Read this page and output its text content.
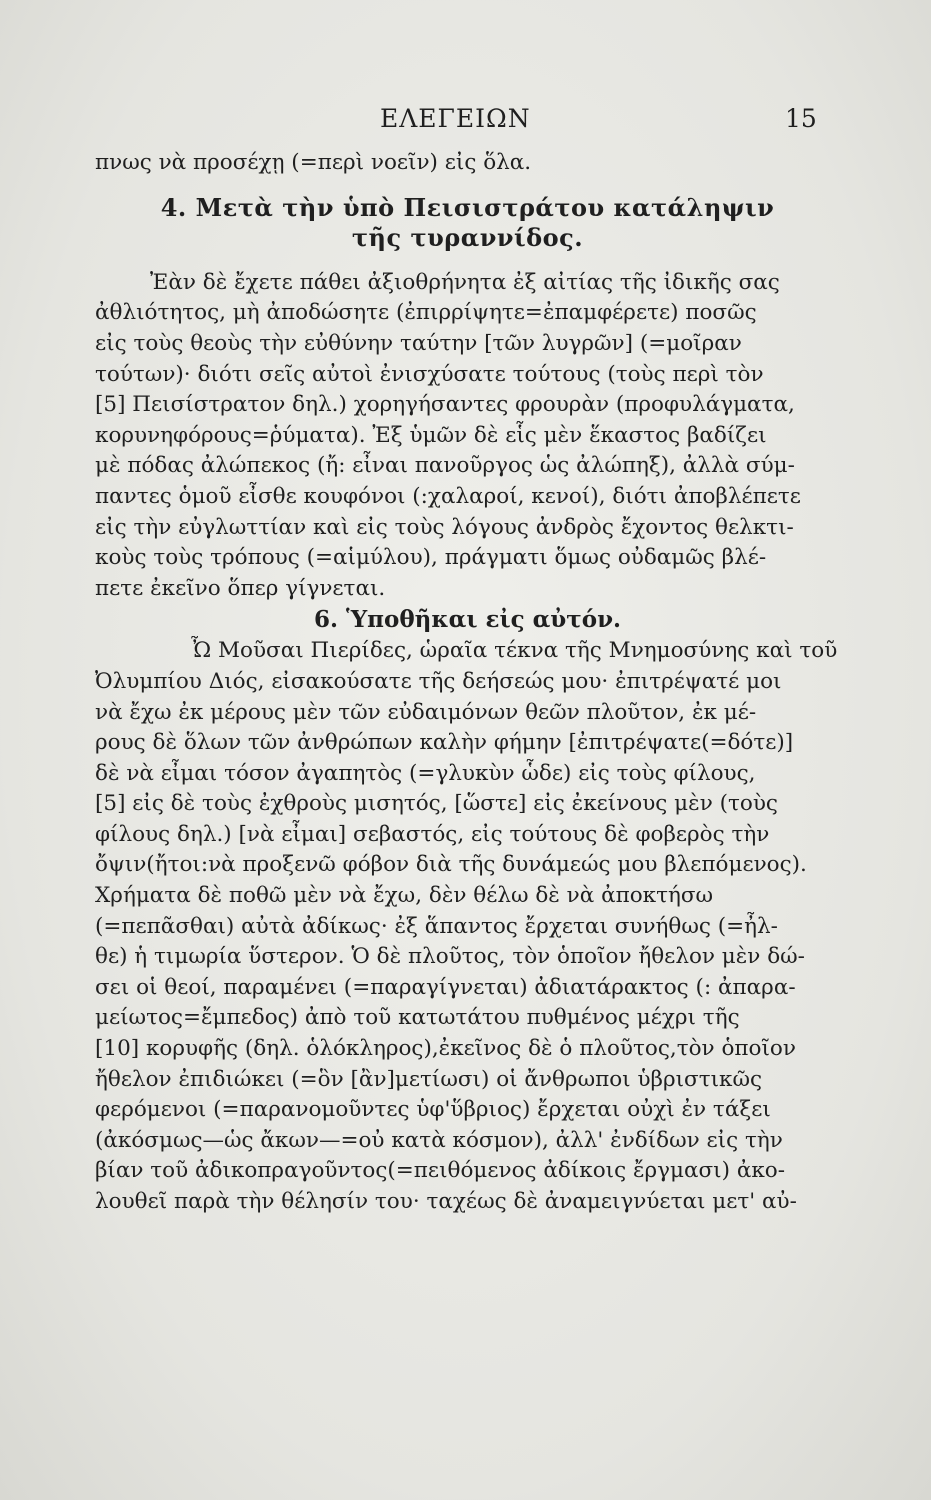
ΕΛΕΓΕΙΩΝ	15
πνως νὰ προσέχῃ (=περὶ νοεῖν) εἰς ὅλα.
4. Μετὰ τὴν ὑπὸ Πεισιστράτου κατάληψιν
τῆς τυραννίδος.
Ἐὰν δὲ ἔχετε πάθει ἀξιοθρήνητα ἐξ αἰτίας τῆς ἰδικῆς σας
ἀθλιότητος, μὴ ἀποδώσητε (ἐπιρρίψητε=ἐπαμφέρετε) ποσῶς
εἰς τοὺς θεοὺς τὴν εὐθύνην ταύτην [τῶν λυγρῶν] (=μοῖραν
τούτων)· διότι σεῖς αὐτοὶ ἐνισχύσατε τούτους (τοὺς περὶ τὸν
[5] Πεισίστρατον δηλ.) χορηγήσαντες φρουρὰν (προφυλάγματα,
κορυνηφόρους=ῥύματα). Ἐξ ὑμῶν δὲ εἷς μὲν ἕκαστος βαδίζει
μὲ πόδας ἀλώπεκος (ἤ: εἶναι πανοῦργος ὡς ἀλώπηξ), ἀλλὰ σύμ-
παντες ὁμοῦ εἶσθε κουφόνοι (:χαλαροί, κενοί), διότι ἀποβλέπετε
εἰς τὴν εὐγλωττίαν καὶ εἰς τοὺς λόγους ἀνδρὸς ἔχοντος θελκτι-
κοὺς τοὺς τρόπους (=αἱμύλου), πράγματι ὅμως οὐδαμῶς βλέ-
πετε ἐκεῖνο ὅπερ γίγνεται.
6. Ὑποθῆκαι εἰς αὐτόν.
Ὦ Μοῦσαι Πιερίδες, ὡραῖα τέκνα τῆς Μνημοσύνης καὶ τοῦ
Ὀλυμπίου Διός, εἰσακούσατε τῆς δεήσεώς μου· ἐπιτρέψατέ μοι
νὰ ἔχω ἐκ μέρους μὲν τῶν εὐδαιμόνων θεῶν πλοῦτον, ἐκ μέ-
ρους δὲ ὅλων τῶν ἀνθρώπων καλὴν φήμην [ἐπιτρέψατε(=δότε)]
δὲ νὰ εἶμαι τόσον ἀγαπητὸς (=γλυκὺν ὧδε) εἰς τοὺς φίλους,
[5] εἰς δὲ τοὺς ἐχθροὺς μισητός, [ὥστε] εἰς ἐκείνους μὲν (τοὺς
φίλους δηλ.) [νὰ εἶμαι] σεβαστός, εἰς τούτους δὲ φοβερὸς τὴν
ὄψιν(ἤτοι:νὰ προξενῶ φόβον διὰ τῆς δυνάμεώς μου βλεπόμενος).
Χρήματα δὲ ποθῶ μὲν νὰ ἔχω, δὲν θέλω δὲ νὰ ἀποκτήσω
(=πεπᾶσθαι) αὐτὰ ἀδίκως· ἐξ ἅπαντος ἔρχεται συνήθως (=ἦλ-
θε) ἡ τιμωρία ὕστερον. Ὁ δὲ πλοῦτος, τὸν ὁποῖον ἤθελον μὲν δώ-
σει οἱ θεοί, παραμένει (=παραγίγνεται) ἀδιατάρακτος (: ἀπαρα-
μείωτος=ἔμπεδος) ἀπὸ τοῦ κατωτάτου πυθμένος μέχρι τῆς
[10] κορυφῆς (δηλ. ὁλόκληρος),ἐκεῖνος δὲ ὁ πλοῦτος,τὸν ὁποῖον
ἤθελον ἐπιδιώκει (=ὃν [ἂν]μετίωσι) οἱ ἄνθρωποι ὑβριστικῶς
φερόμενοι (=παρανομοῦντες ὑφ'ὕβριος) ἔρχεται οὐχὶ ἐν τάξει
(ἀκόσμως—ὡς ἄκων—=οὐ κατὰ κόσμον), ἀλλ' ἐνδίδων εἰς τὴν
βίαν τοῦ ἀδικοπραγοῦντος(=πειθόμενος ἀδίκοις ἔργμασι) ἀκο-
λουθεῖ παρὰ τὴν θέλησίν του· ταχέως δὲ ἀναμειγνύεται μετ' αὐ-
